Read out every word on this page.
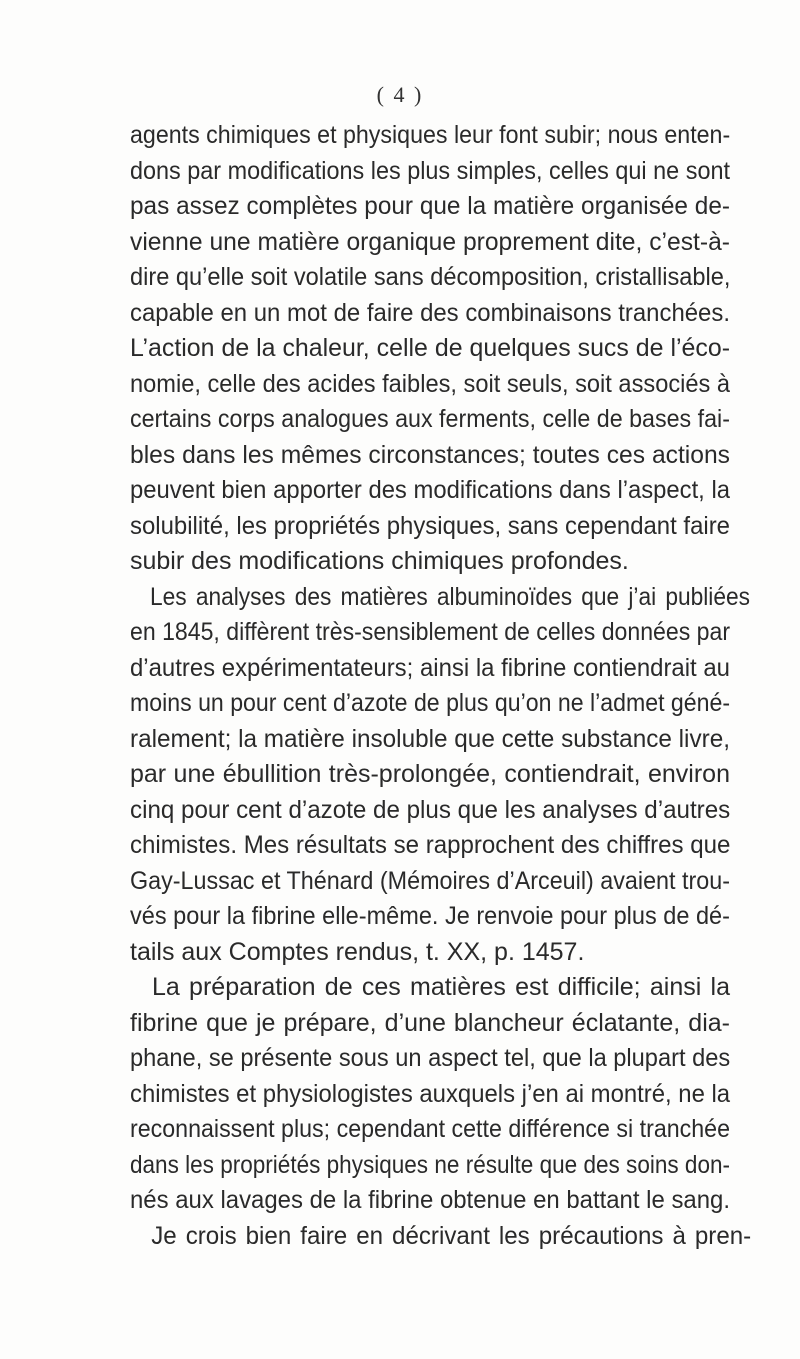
( 4 )
agents chimiques et physiques leur font subir; nous enten-
dons par modifications les plus simples, celles qui ne sont
pas assez complètes pour que la matière organisée de-
vienne une matière organique proprement dite, c’est-à-
dire qu’elle soit volatile sans décomposition, cristallisable,
capable en un mot de faire des combinaisons tranchées.
L’action de la chaleur, celle de quelques sucs de l’éco-
nomie, celle des acides faibles, soit seuls, soit associés à
certains corps analogues aux ferments, celle de bases fai-
bles dans les mêmes circonstances; toutes ces actions
peuvent bien apporter des modifications dans l’aspect, la
solubilité, les propriétés physiques, sans cependant faire
subir des modifications chimiques profondes.
Les analyses des matières albuminoïdes que j’ai publiées
en 1845, diffèrent très-sensiblement de celles données par
d’autres expérimentateurs; ainsi la fibrine contiendrait au
moins un pour cent d’azote de plus qu’on ne l’admet géné-
ralement; la matière insoluble que cette substance livre,
par une ébullition très-prolongée, contiendrait, environ
cinq pour cent d’azote de plus que les analyses d’autres
chimistes. Mes résultats se rapprochent des chiffres que
Gay-Lussac et Thénard (Mémoires d’Arceuil) avaient trou-
vés pour la fibrine elle-même. Je renvoie pour plus de dé-
tails aux Comptes rendus, t. XX, p. 1457.
La préparation de ces matières est difficile; ainsi la
fibrine que je prépare, d’une blancheur éclatante, dia-
phane, se présente sous un aspect tel, que la plupart des
chimistes et physiologistes auxquels j’en ai montré, ne la
reconnaissent plus; cependant cette différence si tranchée
dans les propriétés physiques ne résulte que des soins don-
nés aux lavages de la fibrine obtenue en battant le sang.
Je crois bien faire en décrivant les précautions à pren-
